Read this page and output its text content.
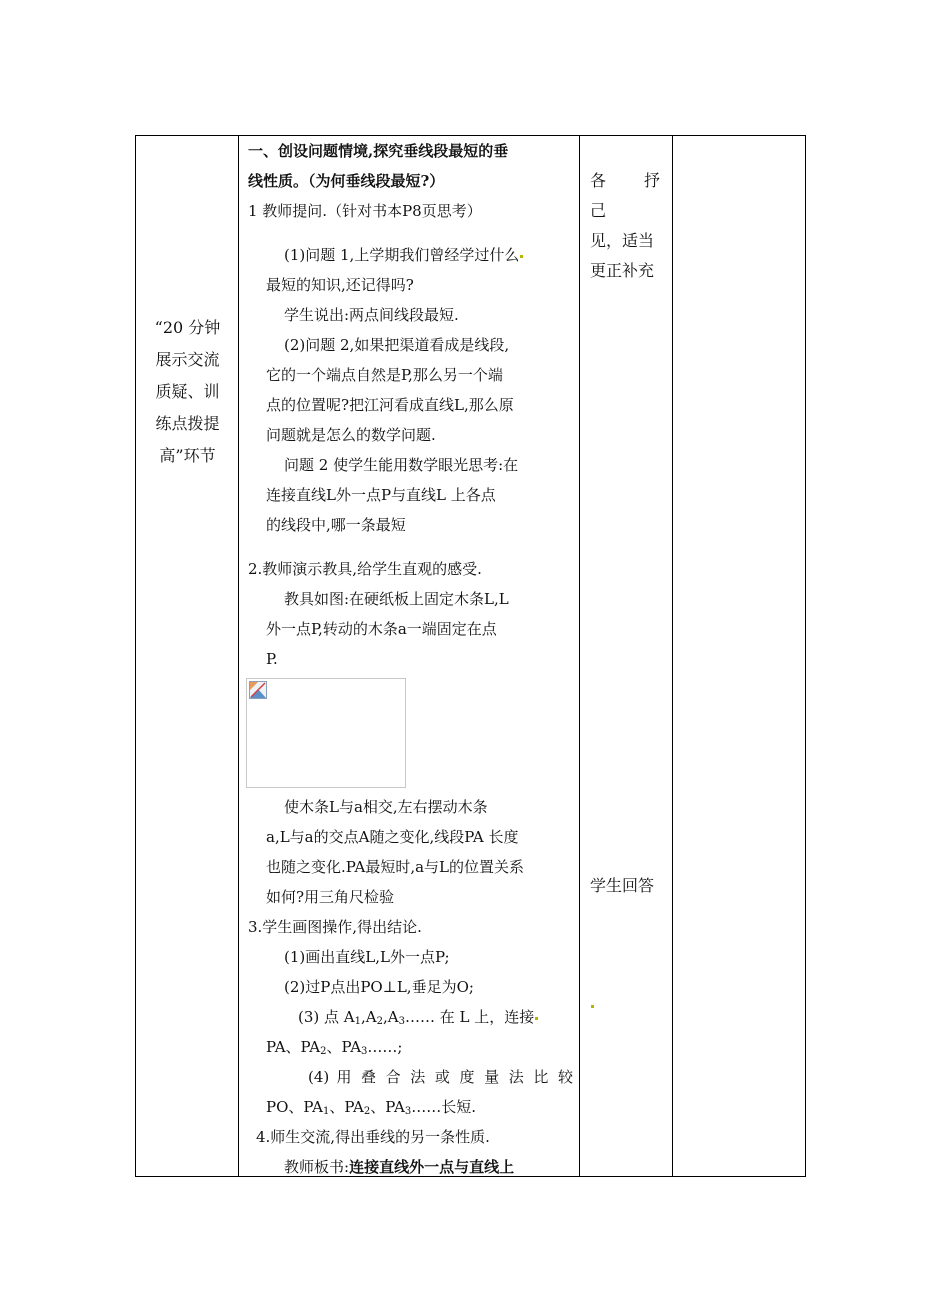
“20 分钟
展示交流
质疑、训
练点拨提
高”环节

一、创设问题情境,探究垂线段最短的垂

线性质。（为何垂线段最短?）

1 教师提问.（针对书本P8页思考）

(1)问题 1,上学期我们曾经学过什么

最短的知识,还记得吗?

学生说出:两点间线段最短.

(2)问题 2,如果把渠道看成是线段,

它的一个端点自然是P,那么另一个端

点的位置呢?把江河看成直线L,那么原

问题就是怎么的数学问题.

问题 2 使学生能用数学眼光思考:在

连接直线L外一点P与直线L 上各点

的线段中,哪一条最短

2.教师演示教具,给学生直观的感受.

教具如图:在硬纸板上固定木条L,L

外一点P,转动的木条a一端固定在点

P.

使木条L与a相交,左右摆动木条

a,L与a的交点A随之变化,线段PA 长度

也随之变化.PA最短时,a与L的位置关系

如何?用三角尺检验

3.学生画图操作,得出结论.

(1)画出直线L,L外一点P;

(2)过P点出PO⊥L,垂足为O;

(3) 点 $A_1,A_2,A_3\dots\dots$ 在 L 上，连接

PA、$PA_2$、$PA_3\dots\dots$;

(4) 用 叠 合 法 或 度 量 法 比 较

PO、$PA_1$、$PA_2$、$PA_3\dots\dots$长短.

4.师生交流,得出垂线的另一条性质.

教师板书:连接直线外一点与直线上

各 抒 己
见，适当
更正补充
学生回答
